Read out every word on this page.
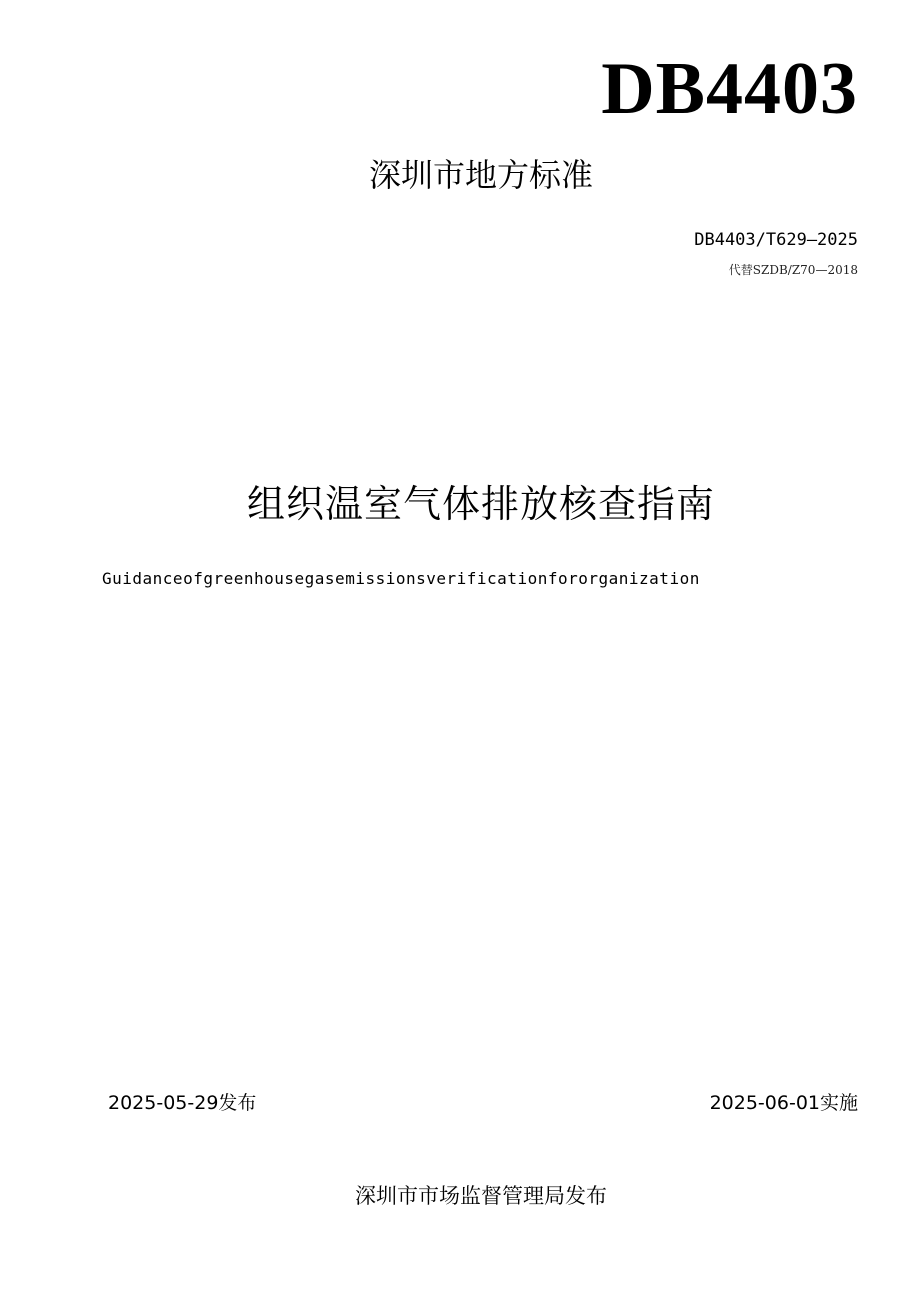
DB4403
深圳市地方标准
DB4403/T629—2025
代替SZDB/Z70—2018
组织温室气体排放核查指南
Guidanceofgreenhousegasemissionsverificationfororganization
2025-05-29发布	2025-06-01实施
深圳市市场监督管理局发布
